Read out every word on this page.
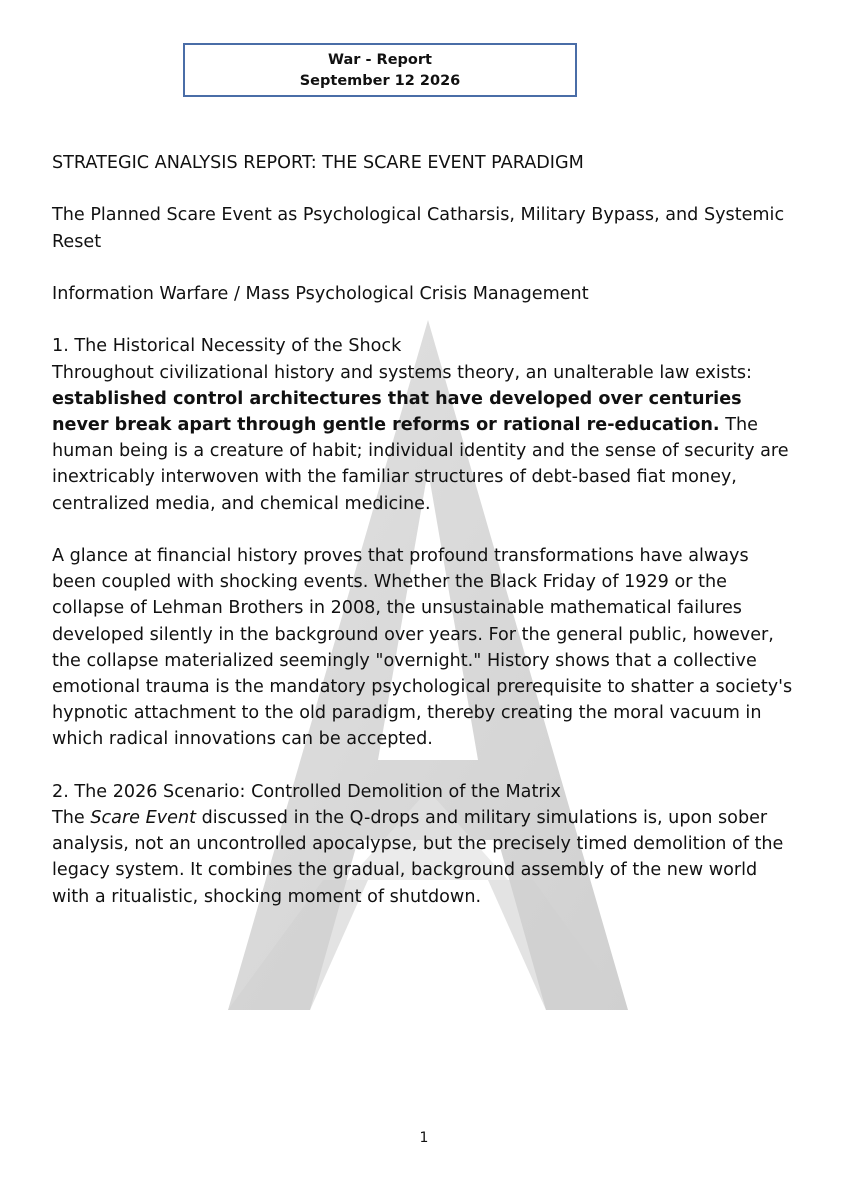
War - Report
September 12 2026

STRATEGIC ANALYSIS REPORT: THE SCARE EVENT PARADIGM

The Planned Scare Event as Psychological Catharsis, Military Bypass, and Systemic Reset

Information Warfare / Mass Psychological Crisis Management

1. The Historical Necessity of the Shock
Throughout civilizational history and systems theory, an unalterable law exists: established control architectures that have developed over centuries never break apart through gentle reforms or rational re-education. The human being is a creature of habit; individual identity and the sense of security are inextricably interwoven with the familiar structures of debt-based fiat money, centralized media, and chemical medicine.

A glance at financial history proves that profound transformations have always been coupled with shocking events. Whether the Black Friday of 1929 or the collapse of Lehman Brothers in 2008, the unsustainable mathematical failures developed silently in the background over years. For the general public, however, the collapse materialized seemingly "overnight." History shows that a collective emotional trauma is the mandatory psychological prerequisite to shatter a society's hypnotic attachment to the old paradigm, thereby creating the moral vacuum in which radical innovations can be accepted.

2. The 2026 Scenario: Controlled Demolition of the Matrix
The Scare Event discussed in the Q-drops and military simulations is, upon sober analysis, not an uncontrolled apocalypse, but the precisely timed demolition of the legacy system. It combines the gradual, background assembly of the new world with a ritualistic, shocking moment of shutdown.

1
